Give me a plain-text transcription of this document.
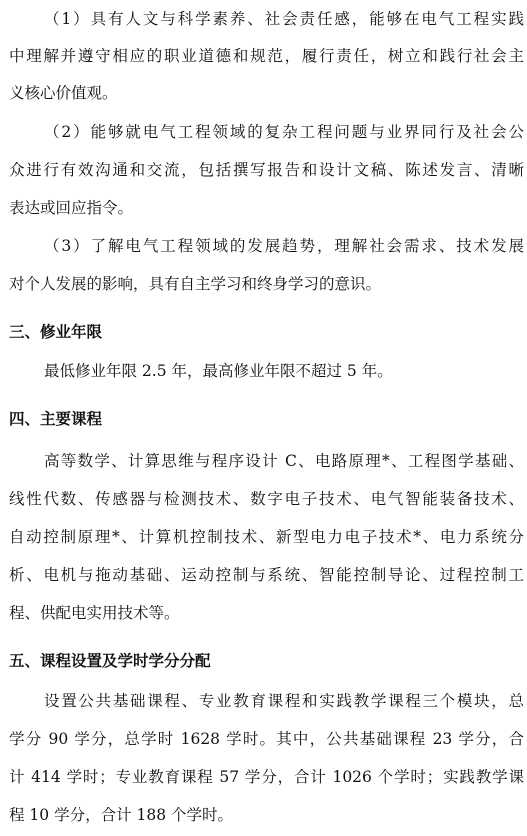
（1）具有人文与科学素养、社会责任感，能够在电气工程实践
中理解并遵守相应的职业道德和规范，履行责任，树立和践行社会主
义核心价值观。
（2）能够就电气工程领域的复杂工程问题与业界同行及社会公
众进行有效沟通和交流，包括撰写报告和设计文稿、陈述发言、清晰
表达或回应指令。
（3）了解电气工程领域的发展趋势，理解社会需求、技术发展
对个人发展的影响，具有自主学习和终身学习的意识。
三、修业年限
最低修业年限 2.5 年，最高修业年限不超过 5 年。
四、主要课程
高等数学、计算思维与程序设计 C、电路原理*、工程图学基础、
线性代数、传感器与检测技术、数字电子技术、电气智能装备技术、
自动控制原理*、计算机控制技术、新型电力电子技术*、电力系统分
析、电机与拖动基础、运动控制与系统、智能控制导论、过程控制工
程、供配电实用技术等。
五、课程设置及学时学分分配
设置公共基础课程、专业教育课程和实践教学课程三个模块，总
学分 90 学分，总学时 1628 学时。其中，公共基础课程 23 学分，合
计 414 学时；专业教育课程 57 学分，合计 1026 个学时；实践教学课
程 10 学分，合计 188 个学时。
